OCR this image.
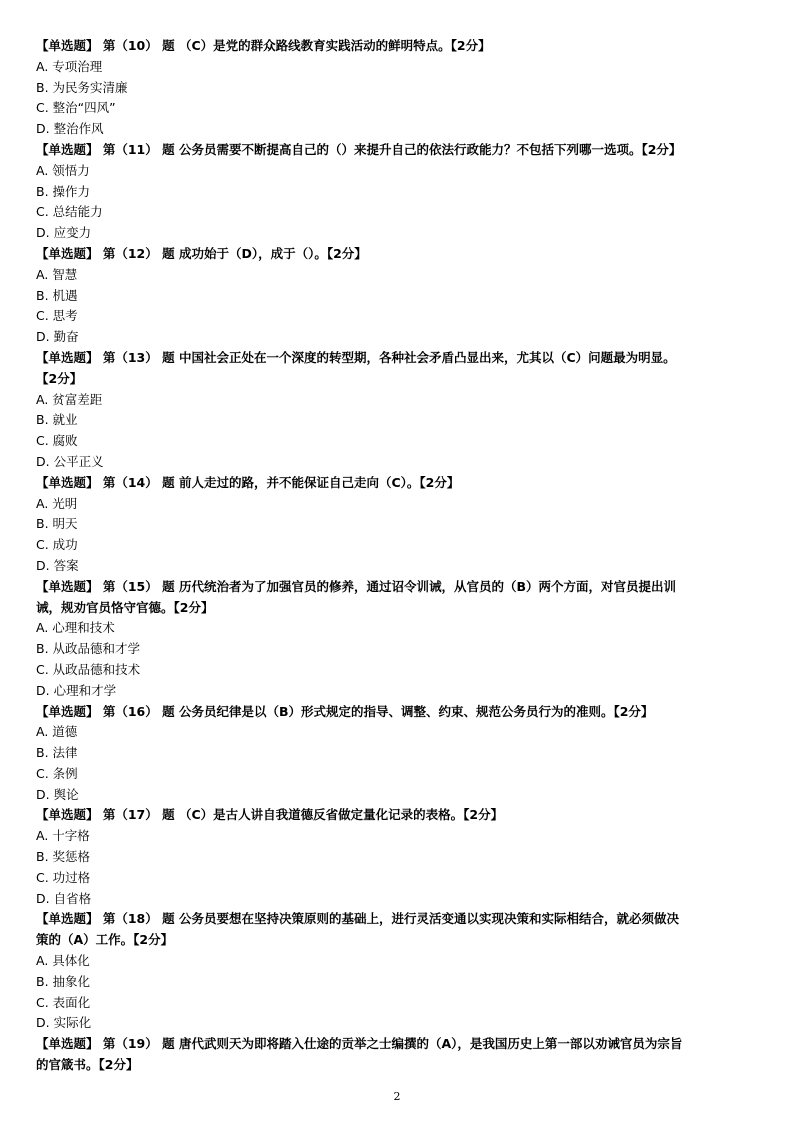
【单选题】 第（10） 题 （C）是党的群众路线教育实践活动的鲜明特点。【2分】
A. 专项治理
B. 为民务实清廉
C. 整治“四风”
D. 整治作风
【单选题】 第（11） 题 公务员需要不断提高自己的（）来提升自己的依法行政能力？不包括下列哪一选项。【2分】
A. 领悟力
B. 操作力
C. 总结能力
D. 应变力
【单选题】 第（12） 题 成功始于（D），成于（）。【2分】
A. 智慧
B. 机遇
C. 思考
D. 勤奋
【单选题】 第（13） 题 中国社会正处在一个深度的转型期，各种社会矛盾凸显出来，尤其以（C）问题最为明显。
【2分】
A. 贫富差距
B. 就业
C. 腐败
D. 公平正义
【单选题】 第（14） 题 前人走过的路，并不能保证自己走向（C）。【2分】
A. 光明
B. 明天
C. 成功
D. 答案
【单选题】 第（15） 题 历代统治者为了加强官员的修养，通过诏令训诫，从官员的（B）两个方面，对官员提出训
诫，规劝官员恪守官德。【2分】
A. 心理和技术
B. 从政品德和才学
C. 从政品德和技术
D. 心理和才学
【单选题】 第（16） 题 公务员纪律是以（B）形式规定的指导、调整、约束、规范公务员行为的准则。【2分】
A. 道德
B. 法律
C. 条例
D. 舆论
【单选题】 第（17） 题 （C）是古人讲自我道德反省做定量化记录的表格。【2分】
A. 十字格
B. 奖惩格
C. 功过格
D. 自省格
【单选题】 第（18） 题 公务员要想在坚持决策原则的基础上，进行灵活变通以实现决策和实际相结合，就必须做决
策的（A）工作。【2分】
A. 具体化
B. 抽象化
C. 表面化
D. 实际化
【单选题】 第（19） 题 唐代武则天为即将踏入仕途的贡举之士编撰的（A），是我国历史上第一部以劝诫官员为宗旨
的官箴书。【2分】
2
